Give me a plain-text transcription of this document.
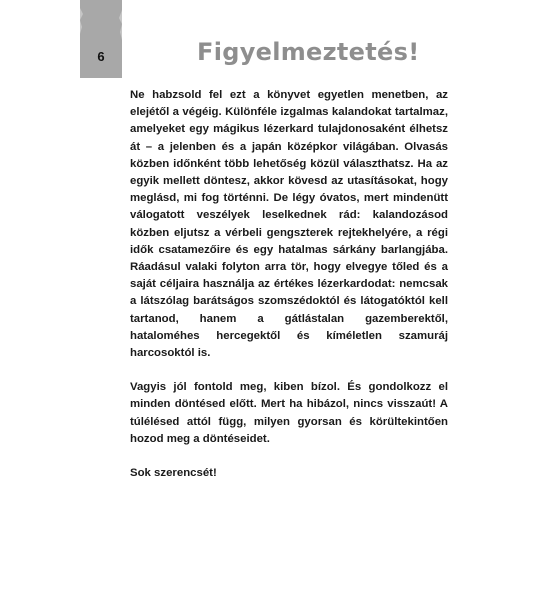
6	Figyelmeztetés!

Ne habzsold fel ezt a könyvet egyetlen menetben, az elejétől a végéig. Különféle izgalmas kalandokat tartalmaz, amelyeket egy mágikus lézerkard tulajdonosaként élhetsz át – a jelenben és a japán középkor világában. Olvasás közben időnként több lehetőség közül választhatsz. Ha az egyik mellett döntesz, akkor kövesd az utasításokat, hogy meglásd, mi fog történni. De légy óvatos, mert mindenütt válogatott veszélyek leselkednek rád: kalandozásod közben eljutsz a vérbeli gengszterek rejtekhelyére, a régi idők csatamezőire és egy hatalmas sárkány barlangjába. Ráadásul valaki folyton arra tör, hogy elvegye tőled és a saját céljaira használja az értékes lézerkardodat: nemcsak a látszólag barátságos szomszédoktól és látogatóktól kell tartanod, hanem a gátlástalan gazemberektől, hataloméhes hercegektől és kíméletlen szamuráj harcosoktól is.

Vagyis jól fontold meg, kiben bízol. És gondolkozz el minden döntésed előtt. Mert ha hibázol, nincs visszaút! A túlélésed attól függ, milyen gyorsan és körültekintően hozod meg a döntéseidet.

Sok szerencsét!
